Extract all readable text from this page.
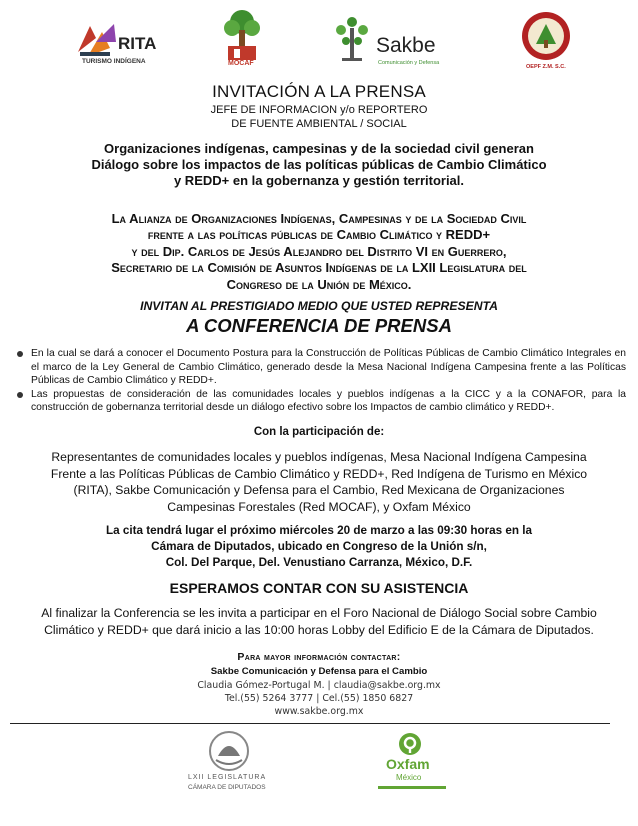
RITA
TURISMO INDÍGENA	MOCAF
Sakbe
Comunicación y Defensa
OEPF Z.M. S.C.
INVITACIÓN A LA PRENSA
JEFE DE INFORMACION y/o REPORTERO
DE FUENTE AMBIENTAL / SOCIAL
Organizaciones indígenas, campesinas y de la sociedad civil generan
Diálogo sobre los impactos de las políticas públicas de Cambio Climático
y REDD+ en la gobernanza y gestión territorial.
La Alianza de Organizaciones Indígenas, Campesinas y de la Sociedad Civil
frente a las políticas públicas de Cambio Climático y REDD+
y del Dip. Carlos de Jesús Alejandro del Distrito VI en Guerrero,
Secretario de la Comisión de Asuntos Indígenas de la LXII Legislatura del
Congreso de la Unión de México.
INVITAN AL PRESTIGIADO MEDIO QUE USTED REPRESENTA
A CONFERENCIA DE PRENSA
En la cual se dará a conocer el Documento Postura para la Construcción de Políticas Públicas de Cambio Climático Integrales en el marco de la Ley General de Cambio Climático, generado desde la Mesa Nacional Indígena Campesina frente a las Políticas Públicas de Cambio Climático y REDD+.
Las propuestas de consideración de las comunidades locales y pueblos indígenas a la CICC y a la CONAFOR, para la construcción de gobernanza territorial desde un diálogo efectivo sobre los Impactos de cambio climático y REDD+.
Con la participación de:
Representantes de comunidades locales y pueblos indígenas, Mesa Nacional Indígena Campesina
Frente a las Políticas Públicas de Cambio Climático y REDD+, Red Indígena de Turismo en México
(RITA), Sakbe Comunicación y Defensa para el Cambio, Red Mexicana de Organizaciones
Campesinas Forestales (Red MOCAF), y Oxfam México
La cita tendrá lugar el próximo miércoles 20 de marzo a las 09:30 horas en la
Cámara de Diputados, ubicado en Congreso de la Unión s/n,
Col. Del Parque, Del. Venustiano Carranza, México, D.F.
ESPERAMOS CONTAR CON SU ASISTENCIA
Al finalizar la Conferencia se les invita a participar en el Foro Nacional de Diálogo Social sobre Cambio
Climático y REDD+ que dará inicio a las 10:00 horas Lobby del Edificio E de la Cámara de Diputados.
Para mayor información contactar:
Sakbe Comunicación y Defensa para el Cambio
Claudia Gómez-Portugal M. | claudia@sakbe.org.mx
Tel.(55) 5264 3777 | Cel.(55) 1850 6827
www.sakbe.org.mx
LXII LEGISLATURA
CÁMARA DE DIPUTADOS
Oxfam
México
